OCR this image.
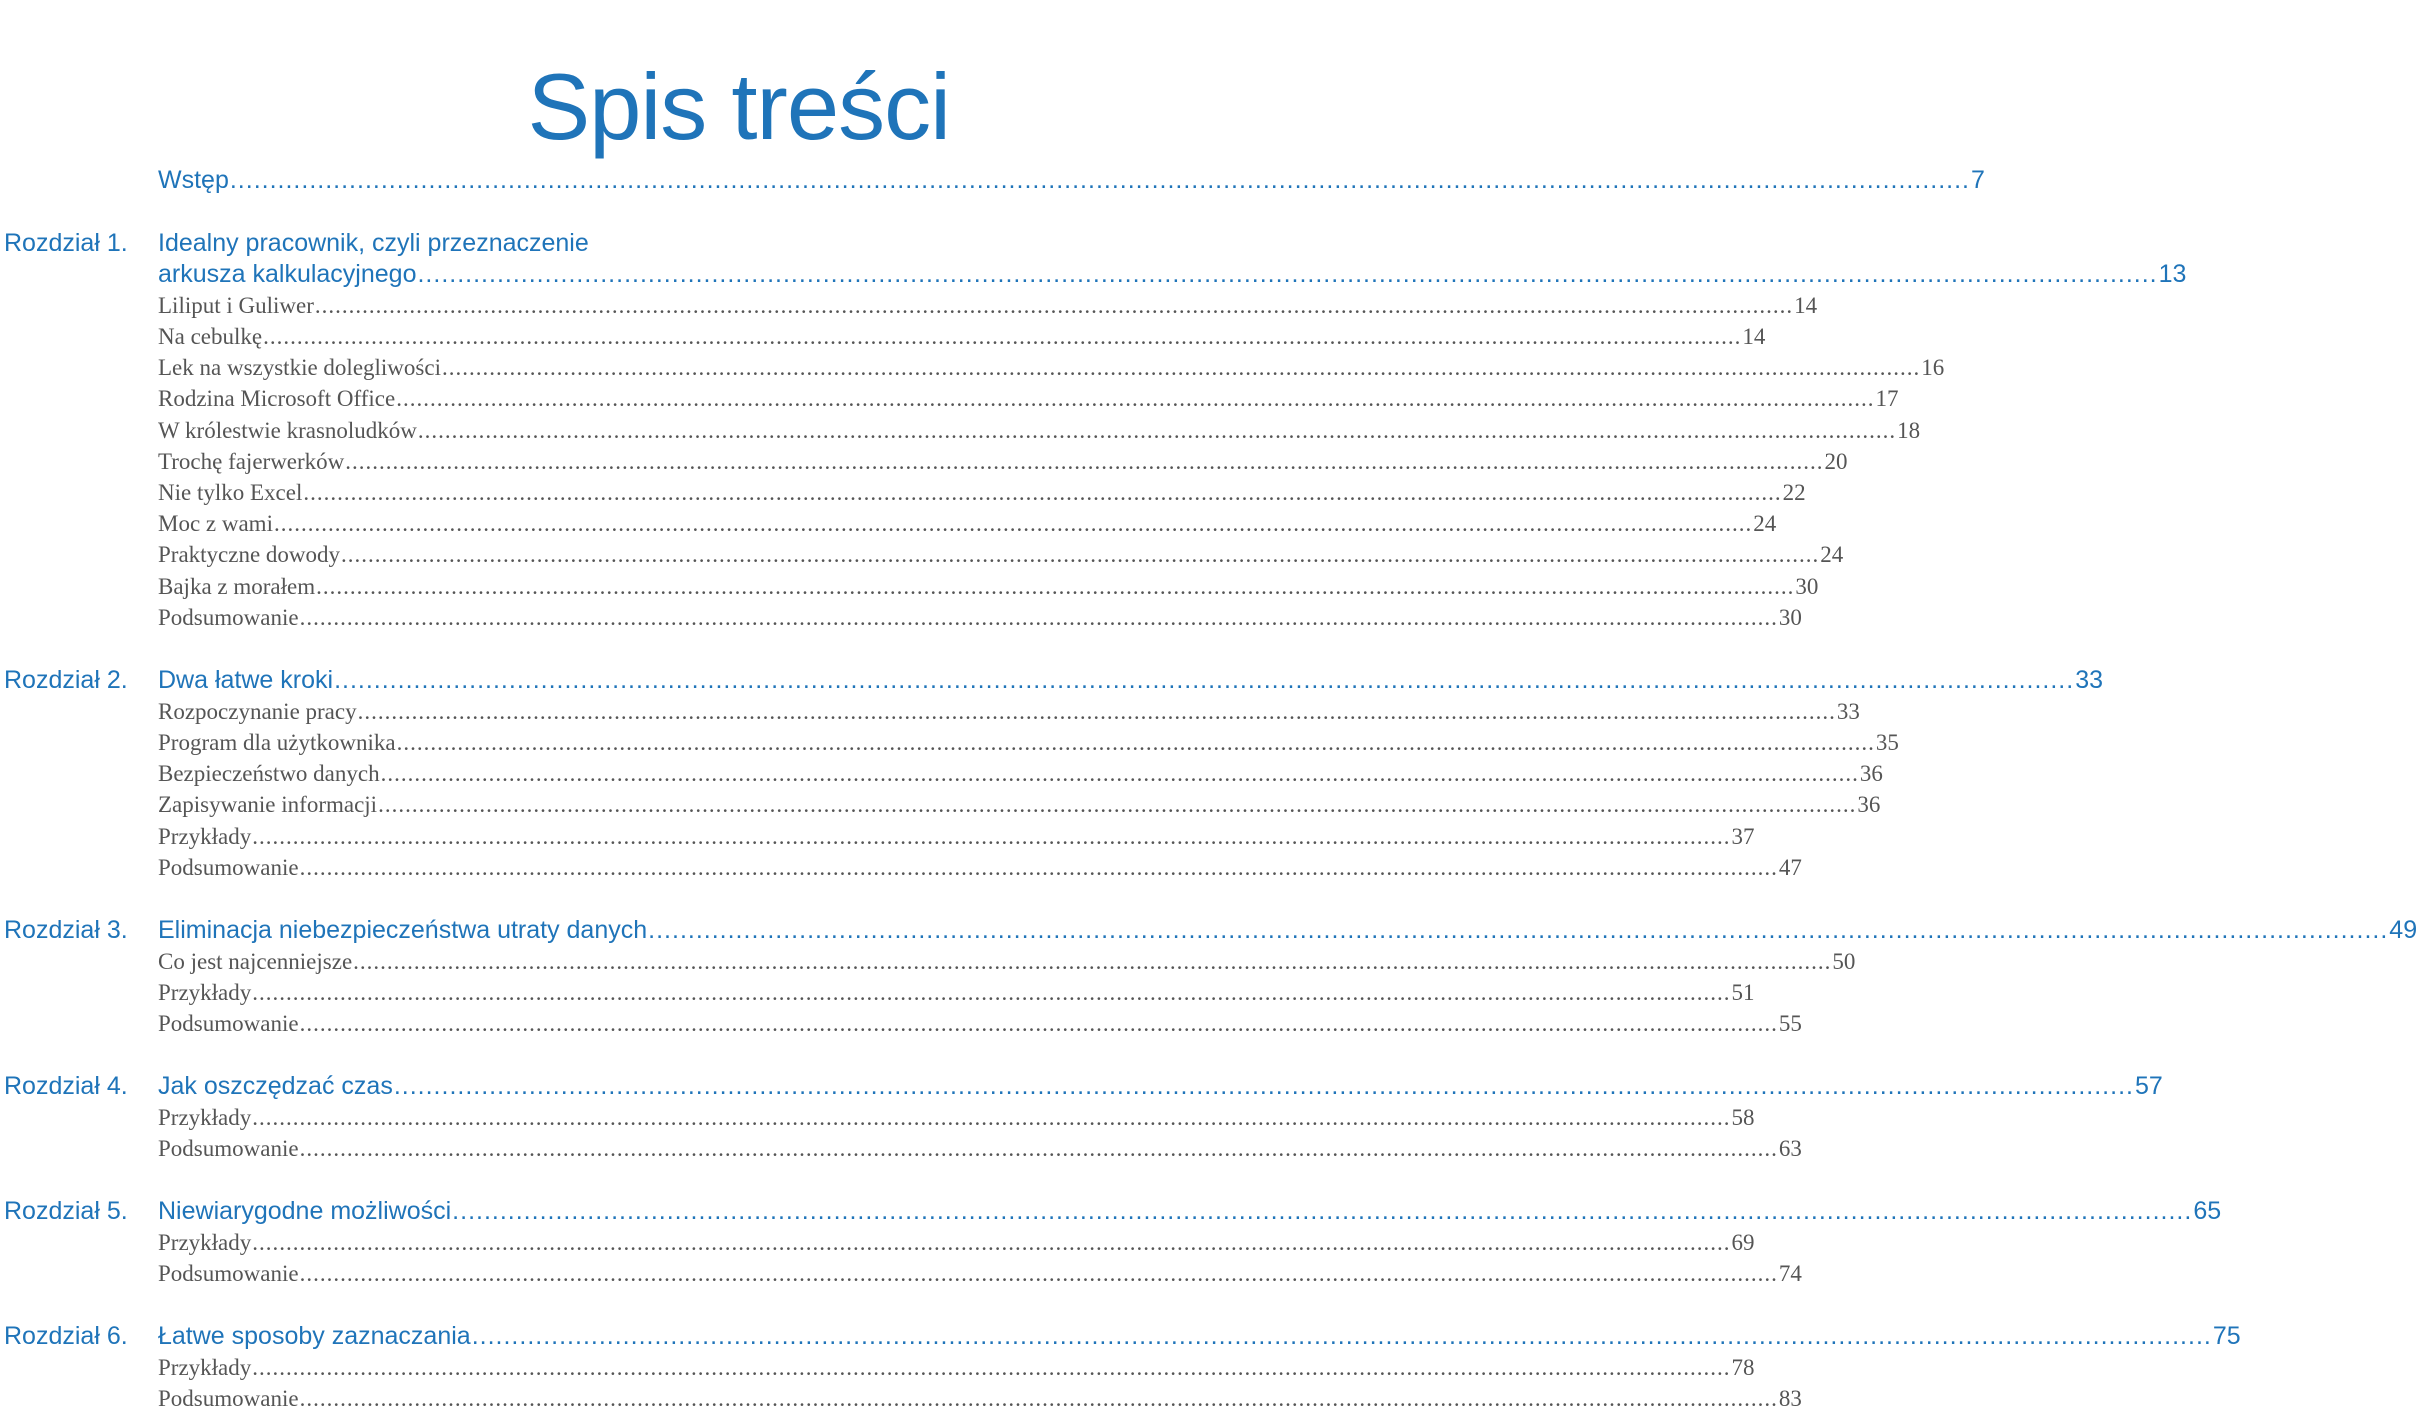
Spis treści
Wstęp ........................................................................................................................................................................................................................... 7
Rozdział 1. Idealny pracownik, czyli przeznaczenie
arkusza kalkulacyjnego ........................................................................................................................................................................................................................... 13
Liliput i Guliwer ........................................................................................................................................................................................................................... 14
Na cebulkę ........................................................................................................................................................................................................................... 14
Lek na wszystkie dolegliwości ........................................................................................................................................................................................................................... 16
Rodzina Microsoft Office ........................................................................................................................................................................................................................... 17
W królestwie krasnoludków ........................................................................................................................................................................................................................... 18
Trochę fajerwerków ........................................................................................................................................................................................................................... 20
Nie tylko Excel ........................................................................................................................................................................................................................... 22
Moc z wami ........................................................................................................................................................................................................................... 24
Praktyczne dowody ........................................................................................................................................................................................................................... 24
Bajka z morałem ........................................................................................................................................................................................................................... 30
Podsumowanie ........................................................................................................................................................................................................................... 30
Rozdział 2. Dwa łatwe kroki ........................................................................................................................................................................................................................... 33
Rozpoczynanie pracy ........................................................................................................................................................................................................................... 33
Program dla użytkownika ........................................................................................................................................................................................................................... 35
Bezpieczeństwo danych ........................................................................................................................................................................................................................... 36
Zapisywanie informacji ........................................................................................................................................................................................................................... 36
Przykłady ........................................................................................................................................................................................................................... 37
Podsumowanie ........................................................................................................................................................................................................................... 47
Rozdział 3. Eliminacja niebezpieczeństwa utraty danych ........................................................................................................................................................................................................................... 49
Co jest najcenniejsze ........................................................................................................................................................................................................................... 50
Przykłady ........................................................................................................................................................................................................................... 51
Podsumowanie ........................................................................................................................................................................................................................... 55
Rozdział 4. Jak oszczędzać czas ........................................................................................................................................................................................................................... 57
Przykłady ........................................................................................................................................................................................................................... 58
Podsumowanie ........................................................................................................................................................................................................................... 63
Rozdział 5. Niewiarygodne możliwości ........................................................................................................................................................................................................................... 65
Przykłady ........................................................................................................................................................................................................................... 69
Podsumowanie ........................................................................................................................................................................................................................... 74
Rozdział 6. Łatwe sposoby zaznaczania ........................................................................................................................................................................................................................... 75
Przykłady ........................................................................................................................................................................................................................... 78
Podsumowanie ........................................................................................................................................................................................................................... 83
